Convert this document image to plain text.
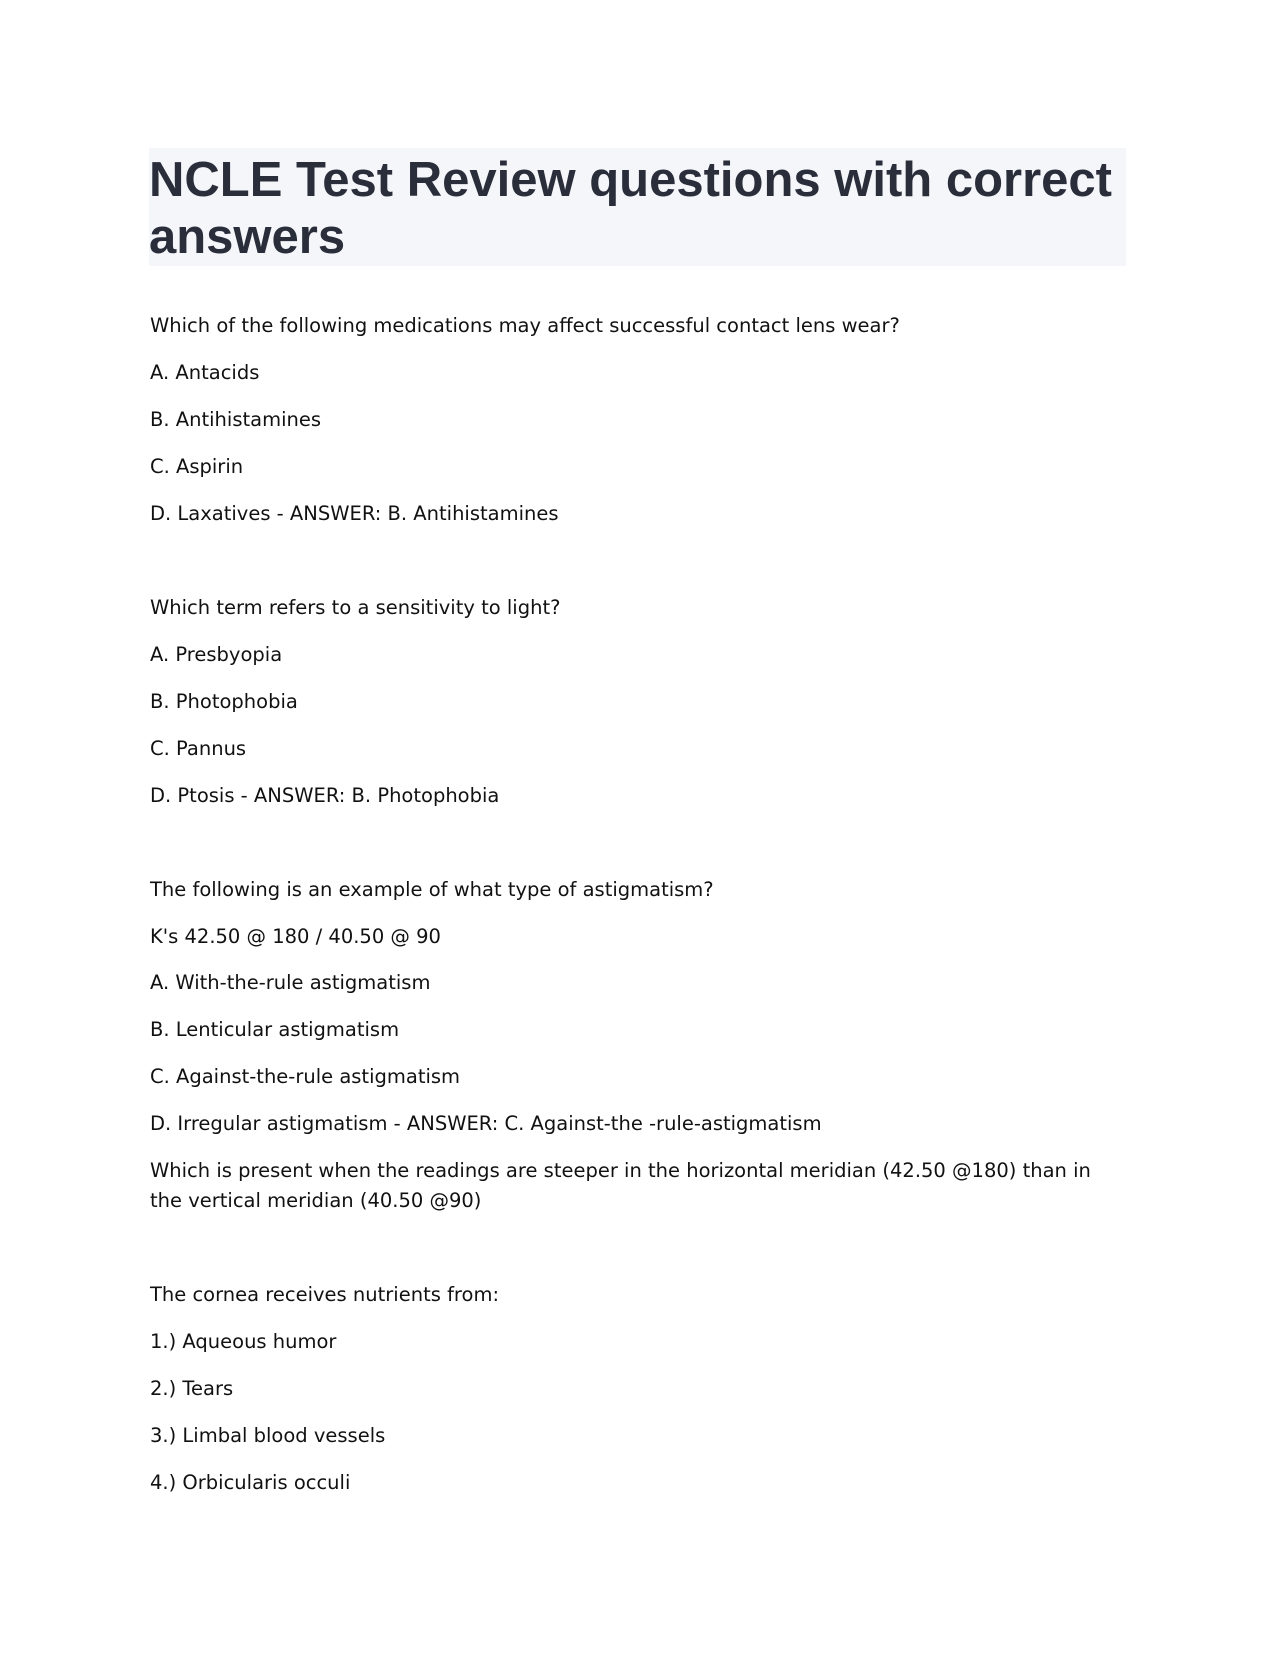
NCLE Test Review questions with correct answers
Which of the following medications may affect successful contact lens wear?
A. Antacids
B. Antihistamines
C. Aspirin
D. Laxatives - ANSWER: B. Antihistamines
Which term refers to a sensitivity to light?
A. Presbyopia
B. Photophobia
C. Pannus
D. Ptosis - ANSWER: B. Photophobia
The following is an example of what type of astigmatism?
K's 42.50 @ 180 / 40.50 @ 90
A. With-the-rule astigmatism
B. Lenticular astigmatism
C. Against-the-rule astigmatism
D. Irregular astigmatism - ANSWER: C. Against-the -rule-astigmatism
Which is present when the readings are steeper in the horizontal meridian (42.50 @180) than in the vertical meridian (40.50 @90)
The cornea receives nutrients from:
1.) Aqueous humor
2.) Tears
3.) Limbal blood vessels
4.) Orbicularis occuli
